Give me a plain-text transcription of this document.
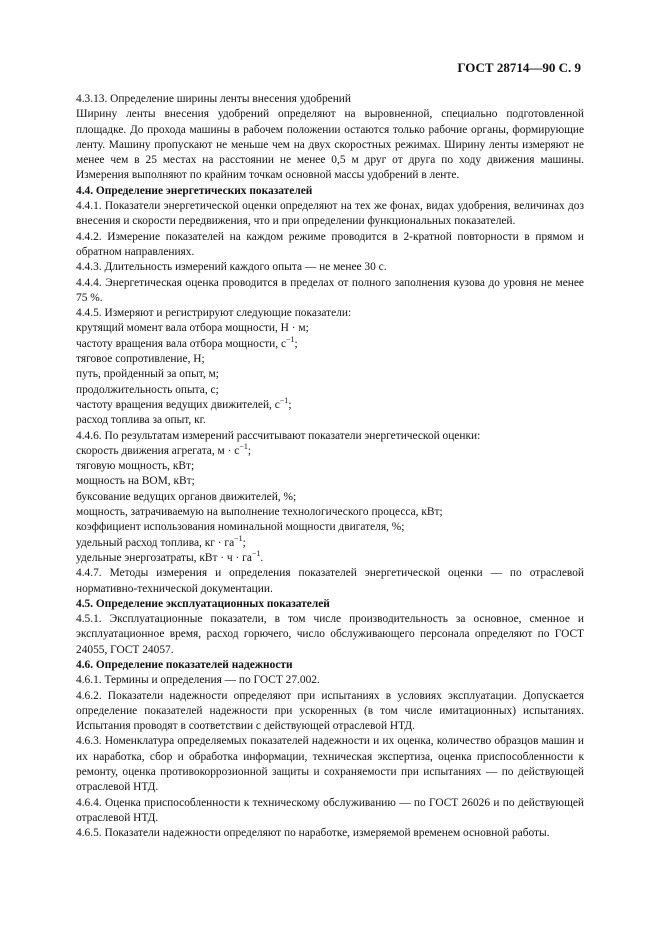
ГОСТ 28714—90 С. 9

4.3.13. Определение ширины ленты внесения удобрений

Ширину ленты внесения удобрений определяют на выровненной, специально подготовленной площадке. До прохода машины в рабочем положении остаются только рабочие органы, формирующие ленту. Машину пропускают не меньше чем на двух скоростных режимах. Ширину ленты измеряют не менее чем в 25 местах на расстоянии не менее 0,5 м друг от друга по ходу движения машины. Измерения выполняют по крайним точкам основной массы удобрений в ленте.

4.4. Определение энергетических показателей

4.4.1. Показатели энергетической оценки определяют на тех же фонах, видах удобрения, величинах доз внесения и скорости передвижения, что и при определении функциональных показателей.

4.4.2. Измерение показателей на каждом режиме проводится в 2-кратной повторности в прямом и обратном направлениях.

4.4.3. Длительность измерений каждого опыта — не менее 30 с.

4.4.4. Энергетическая оценка проводится в пределах от полного заполнения кузова до уровня не менее 75 %.

4.4.5. Измеряют и регистрируют следующие показатели:

крутящий момент вала отбора мощности, Н · м;

частоту вращения вала отбора мощности, $с^{-1}$;

тяговое сопротивление, Н;

путь, пройденный за опыт, м;

продолжительность опыта, с;

частоту вращения ведущих движителей, $с^{-1}$;

расход топлива за опыт, кг.

4.4.6. По результатам измерений рассчитывают показатели энергетической оценки:

скорость движения агрегата, $м \cdot с^{-1}$;

тяговую мощность, кВт;

мощность на ВОМ, кВт;

буксование ведущих органов движителей, %;

мощность, затрачиваемую на выполнение технологического процесса, кВт;

коэффициент использования номинальной мощности двигателя, %;

удельный расход топлива, кг · $га^{-1}$;

удельные энергозатраты, кВт · $ч \cdot га^{-1}$.

4.4.7. Методы измерения и определения показателей энергетической оценки — по отраслевой нормативно-технической документации.

4.5. Определение эксплуатационных показателей

4.5.1. Эксплуатационные показатели, в том числе производительность за основное, сменное и эксплуатационное время, расход горючего, число обслуживающего персонала определяют по ГОСТ 24055, ГОСТ 24057.

4.6. Определение показателей надежности

4.6.1. Термины и определения — по ГОСТ 27.002.

4.6.2. Показатели надежности определяют при испытаниях в условиях эксплуатации. Допускается определение показателей надежности при ускоренных (в том числе имитационных) испытаниях. Испытания проводят в соответствии с действующей отраслевой НТД.

4.6.3. Номенклатура определяемых показателей надежности и их оценка, количество образцов машин и их наработка, сбор и обработка информации, техническая экспертиза, оценка приспособленности к ремонту, оценка противокоррозионной защиты и сохраняемости при испытаниях — по действующей отраслевой НТД.

4.6.4. Оценка приспособленности к техническому обслуживанию — по ГОСТ 26026 и по действующей отраслевой НТД.

4.6.5. Показатели надежности определяют по наработке, измеряемой временем основной работы.
